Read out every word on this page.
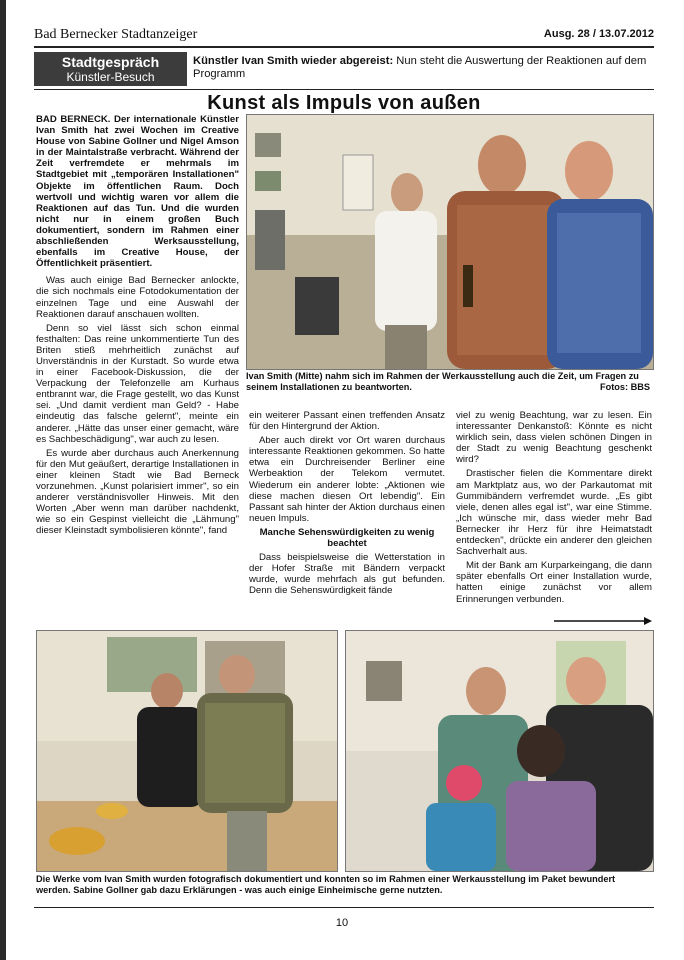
Bad Bernecker Stadtanzeiger	Ausg. 28 / 13.07.2012
Stadtgespräch
Künstler-Besuch
Künstler Ivan Smith wieder abgereist: Nun steht die Auswertung der Reaktionen auf dem Programm
Kunst als Impuls von außen

BAD BERNECK. Der internationale Künstler Ivan Smith hat zwei Wochen im Creative House von Sabine Gollner und Nigel Amson in der Maintalstraße verbracht. Während der Zeit verfremdete er mehrmals im Stadtgebiet mit „temporären Installationen" Objekte im öffentlichen Raum. Doch wertvoll und wichtig waren vor allem die Reaktionen auf das Tun. Und die wurden nicht nur in einem großen Buch dokumentiert, sondern im Rahmen einer abschließenden Werksausstellung, ebenfalls im Creative House, der Öffentlichkeit präsentiert.

Was auch einige Bad Bernecker anlockte, die sich nochmals eine Fotodokumentation der einzelnen Tage und eine Auswahl der Reaktionen darauf anschauen wollten.

Denn so viel lässt sich schon einmal festhalten: Das reine unkommentierte Tun des Briten stieß mehrheitlich zunächst auf Unverständnis in der Kurstadt. So wurde etwa in einer Facebook-Diskussion, die der Verpackung der Telefonzelle am Kurhaus entbrannt war, die Frage gestellt, wo das Kunst sei. „Und damit verdient man Geld? - Habe eindeutig das falsche gelernt", meinte ein anderer. „Hätte das unser einer gemacht, wäre es Sachbeschädigung", war auch zu lesen.

Es wurde aber durchaus auch Anerkennung für den Mut geäußert, derartige Installationen in einer kleinen Stadt wie Bad Berneck vorzunehmen. „Kunst polarisiert immer", so ein anderer verständnisvoller Hinweis. Mit den Worten „Aber wenn man darüber nachdenkt, wie so ein Gespinst vielleicht die „Lähmung" dieser Kleinstadt symbolisieren könnte", fand

Ivan Smith (Mitte) nahm sich im Rahmen der Werkausstellung auch die Zeit, um Fragen zu seinem Installationen zu beantworten.	Fotos: BBS

ein weiterer Passant einen treffenden Ansatz für den Hintergrund der Aktion.

Aber auch direkt vor Ort waren durchaus interessante Reaktionen gekommen. So hatte etwa ein Durchreisender Berliner eine Werbeaktion der Telekom vermutet. Wiederum ein anderer lobte: „Aktionen wie diese machen diesen Ort lebendig". Ein Passant sah hinter der Aktion durchaus einen neuen Impuls.

Manche Sehenswürdigkeiten zu wenig beachtet

Dass beispielsweise die Wetterstation in der Hofer Straße mit Bändern verpackt wurde, wurde mehrfach als gut befunden. Denn die Sehenswürdigkeit fände

viel zu wenig Beachtung, war zu lesen. Ein interessanter Denkanstoß: Könnte es nicht wirklich sein, dass vielen schönen Dingen in der Stadt zu wenig Beachtung geschenkt wird?

Drastischer fielen die Kommentare direkt am Marktplatz aus, wo der Parkautomat mit Gummibändern verfremdet wurde. „Es gibt viele, denen alles egal ist", war eine Stimme. „Ich wünsche mir, dass wieder mehr Bad Bernecker ihr Herz für ihre Heimatstadt entdecken", drückte ein anderer den gleichen Sachverhalt aus.

Mit der Bank am Kurparkeingang, die dann später ebenfalls Ort einer Installation wurde, hatten einige zunächst vor allem Erinnerungen verbunden.

Die Werke vom Ivan Smith wurden fotografisch dokumentiert und konnten so im Rahmen einer Werkausstellung im Paket bewundert werden. Sabine Gollner gab dazu Erklärungen - was auch einige Einheimische gerne nutzten.
10
